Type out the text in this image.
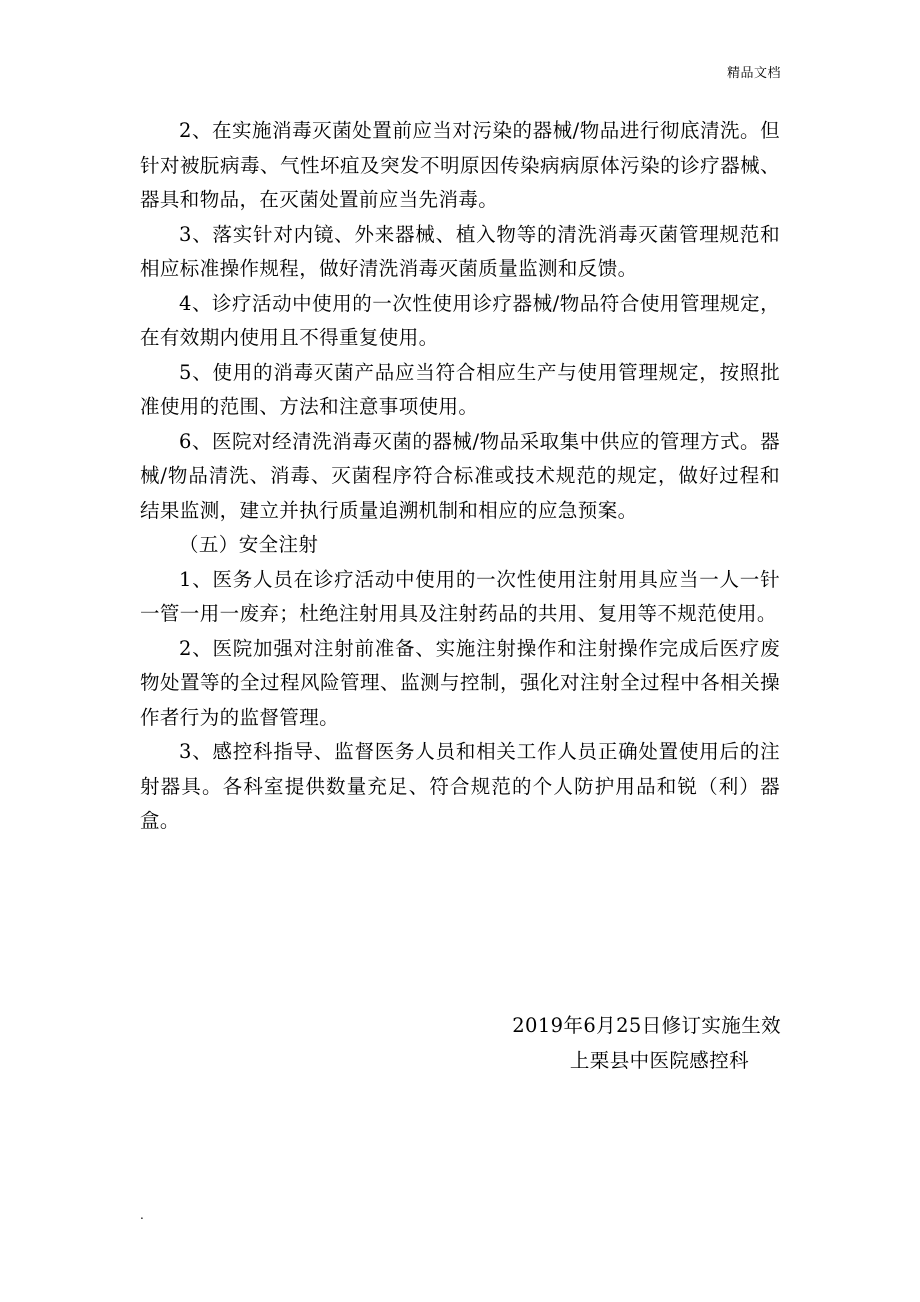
精品文档

2、在实施消毒灭菌处置前应当对污染的器械/物品进行彻底清洗。但针对被朊病毒、气性坏疽及突发不明原因传染病病原体污染的诊疗器械、器具和物品，在灭菌处置前应当先消毒。

3、落实针对内镜、外来器械、植入物等的清洗消毒灭菌管理规范和相应标准操作规程，做好清洗消毒灭菌质量监测和反馈。

4、诊疗活动中使用的一次性使用诊疗器械/物品符合使用管理规定，在有效期内使用且不得重复使用。

5、使用的消毒灭菌产品应当符合相应生产与使用管理规定，按照批准使用的范围、方法和注意事项使用。

6、医院对经清洗消毒灭菌的器械/物品采取集中供应的管理方式。器械/物品清洗、消毒、灭菌程序符合标准或技术规范的规定，做好过程和结果监测，建立并执行质量追溯机制和相应的应急预案。

（五）安全注射

1、医务人员在诊疗活动中使用的一次性使用注射用具应当一人一针一管一用一废弃；杜绝注射用具及注射药品的共用、复用等不规范使用。

2、医院加强对注射前准备、实施注射操作和注射操作完成后医疗废物处置等的全过程风险管理、监测与控制，强化对注射全过程中各相关操作者行为的监督管理。

3、感控科指导、监督医务人员和相关工作人员正确处置使用后的注射器具。各科室提供数量充足、符合规范的个人防护用品和锐（利）器盒。

2019年6月25日修订实施生效
上栗县中医院感控科
.
